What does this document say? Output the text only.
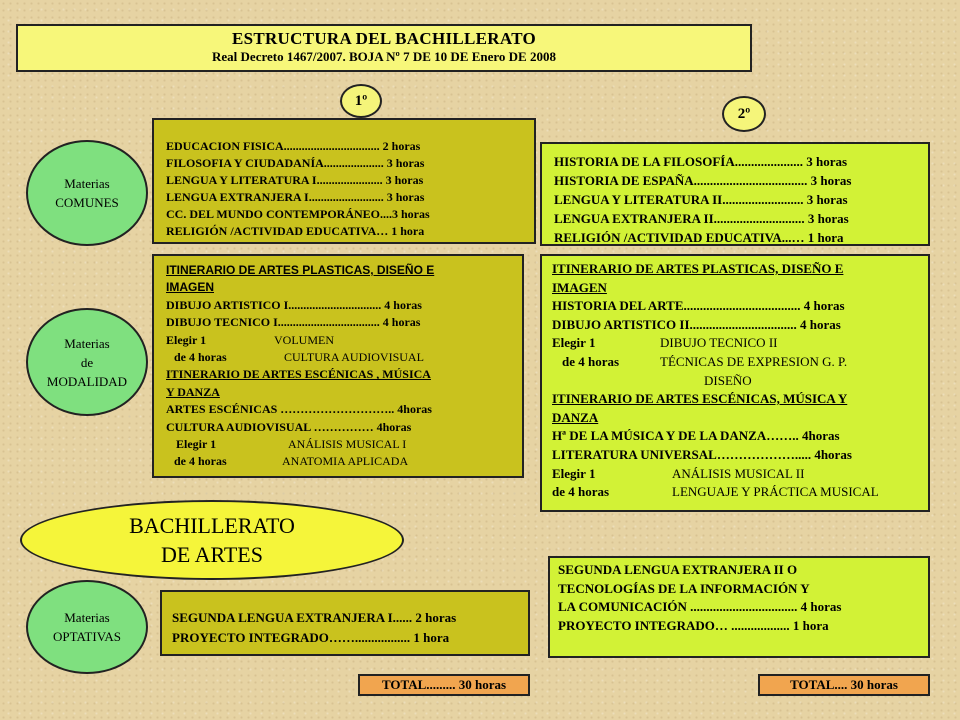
ESTRUCTURA DEL BACHILLERATO
Real Decreto 1467/2007. BOJA Nº 7 DE 10 DE Enero DE 2008
1º
2º
Materias
COMUNES
Materias
de
MODALIDAD
Materias
OPTATIVAS
EDUCACION FISICA................................ 2 horas
FILOSOFIA Y CIUDADANÍA.................... 3 horas
LENGUA Y LITERATURA I...................... 3 horas
LENGUA EXTRANJERA I......................... 3 horas
CC. DEL MUNDO CONTEMPORÁNEO....3 horas
RELIGIÓN /ACTIVIDAD EDUCATIVA… 1 hora
HISTORIA DE LA FILOSOFÍA..................... 3 horas
HISTORIA DE ESPAÑA................................... 3 horas
LENGUA Y LITERATURA II......................... 3 horas
LENGUA EXTRANJERA II............................ 3 horas
RELIGIÓN /ACTIVIDAD EDUCATIVA...… 1 hora
ITINERARIO DE ARTES PLASTICAS, DISEÑO E
IMAGEN
DIBUJO ARTISTICO I............................... 4 horas
DIBUJO TECNICO I.................................. 4 horas
Elegir 1	VOLUMEN
de 4 horas	CULTURA AUDIOVISUAL
ITINERARIO DE ARTES ESCÉNICAS , MÚSICA
Y DANZA
ARTES ESCÉNICAS ……………………….. 4horas
CULTURA AUDIOVISUAL …………… 4horas
Elegir 1	ANÁLISIS MUSICAL I
de 4 horas	ANATOMIA APLICADA
ITINERARIO DE ARTES PLASTICAS, DISEÑO E
IMAGEN
HISTORIA DEL ARTE.................................... 4 horas
DIBUJO ARTISTICO II................................. 4 horas
Elegir 1	DIBUJO TECNICO II
de 4 horas	TÉCNICAS DE EXPRESION G. P.
DISEÑO
ITINERARIO DE ARTES ESCÉNICAS, MÚSICA Y
DANZA
Hª DE LA MÚSICA Y DE LA DANZA…….. 4horas
LITERATURA UNIVERSAL………………..... 4horas
Elegir 1	ANÁLISIS MUSICAL II
de 4 horas	LENGUAJE Y PRÁCTICA MUSICAL
BACHILLERATO
DE ARTES
SEGUNDA LENGUA EXTRANJERA I...... 2 horas
PROYECTO INTEGRADO……................. 1 hora
SEGUNDA LENGUA EXTRANJERA II O
TECNOLOGÍAS DE LA INFORMACIÓN Y
LA COMUNICACIÓN ................................. 4 horas
PROYECTO INTEGRADO… .................. 1 hora
TOTAL......... 30 horas	TOTAL.... 30 horas
